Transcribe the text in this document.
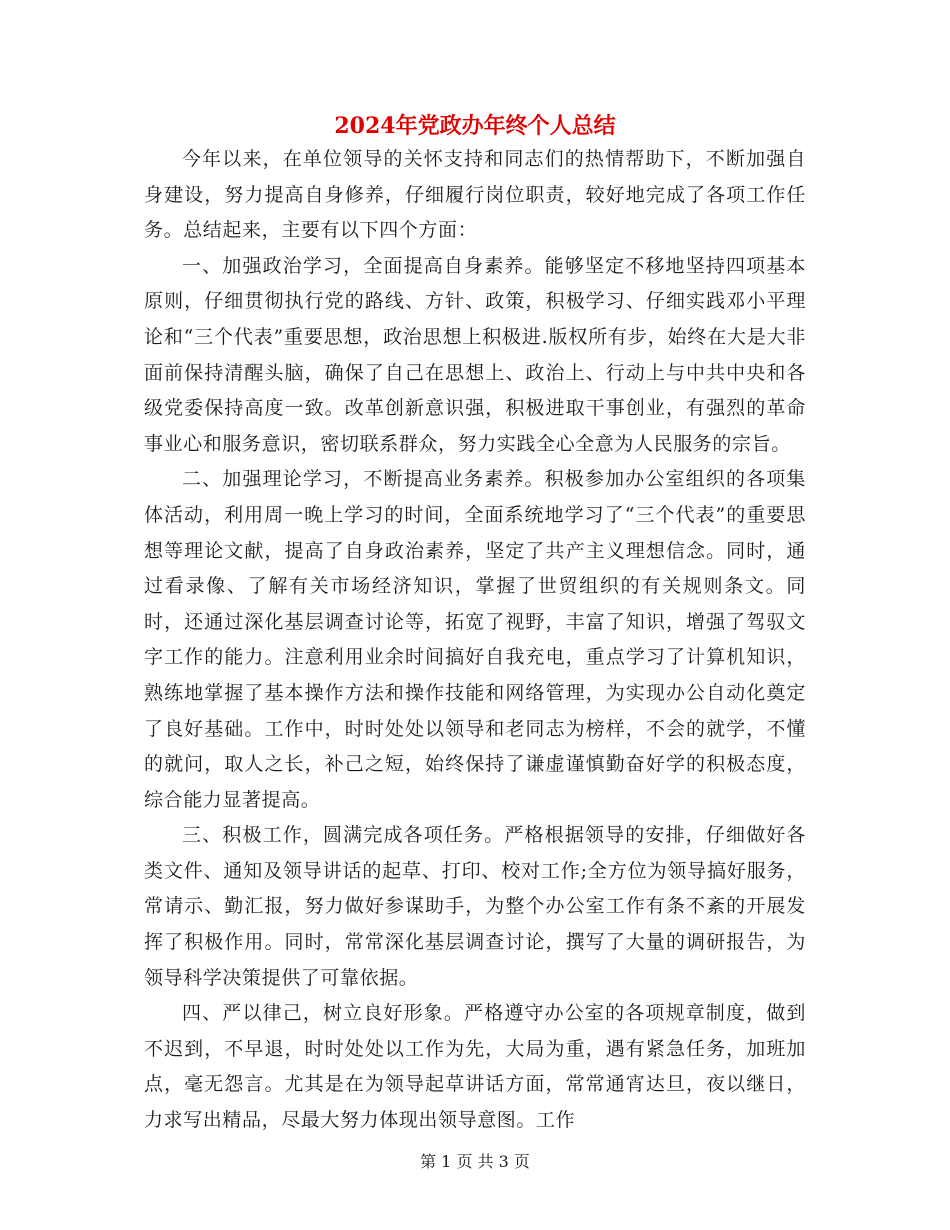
2024年党政办年终个人总结

今年以来，在单位领导的关怀支持和同志们的热情帮助下，不断加强自身建设，努力提高自身修养，仔细履行岗位职责，较好地完成了各项工作任务。总结起来，主要有以下四个方面：

一、加强政治学习，全面提高自身素养。能够坚定不移地坚持四项基本原则，仔细贯彻执行党的路线、方针、政策，积极学习、仔细实践邓小平理论和“三个代表”重要思想，政治思想上积极进.版权所有步，始终在大是大非面前保持清醒头脑，确保了自己在思想上、政治上、行动上与中共中央和各级党委保持高度一致。改革创新意识强，积极进取干事创业，有强烈的革命事业心和服务意识，密切联系群众，努力实践全心全意为人民服务的宗旨。

二、加强理论学习，不断提高业务素养。积极参加办公室组织的各项集体活动，利用周一晚上学习的时间，全面系统地学习了“三个代表”的重要思想等理论文献，提高了自身政治素养，坚定了共产主义理想信念。同时，通过看录像、了解有关市场经济知识，掌握了世贸组织的有关规则条文。同时，还通过深化基层调查讨论等，拓宽了视野，丰富了知识，增强了驾驭文字工作的能力。注意利用业余时间搞好自我充电，重点学习了计算机知识，熟练地掌握了基本操作方法和操作技能和网络管理，为实现办公自动化奠定了良好基础。工作中，时时处处以领导和老同志为榜样，不会的就学，不懂的就问，取人之长，补己之短，始终保持了谦虚谨慎勤奋好学的积极态度，综合能力显著提高。

三、积极工作，圆满完成各项任务。严格根据领导的安排，仔细做好各类文件、通知及领导讲话的起草、打印、校对工作;全方位为领导搞好服务，常请示、勤汇报，努力做好参谋助手，为整个办公室工作有条不紊的开展发挥了积极作用。同时，常常深化基层调查讨论，撰写了大量的调研报告，为领导科学决策提供了可靠依据。

四、严以律己，树立良好形象。严格遵守办公室的各项规章制度，做到不迟到，不早退，时时处处以工作为先，大局为重，遇有紧急任务，加班加点，毫无怨言。尤其是在为领导起草讲话方面，常常通宵达旦，夜以继日，力求写出精品，尽最大努力体现出领导意图。工作

第 1 页 共 3 页
